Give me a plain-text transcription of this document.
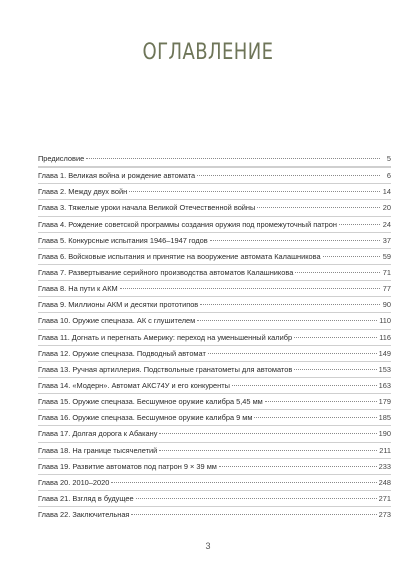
ОГЛАВЛЕНИЕ
Предисловие	5
Глава 1. Великая война и рождение автомата	6
Глава 2. Между двух войн	14
Глава 3. Тяжелые уроки начала Великой Отечественной войны	20
Глава 4. Рождение советской программы создания оружия под промежуточный патрон	24
Глава 5. Конкурсные испытания 1946–1947 годов	37
Глава 6. Войсковые испытания и принятие на вооружение автомата Калашникова	59
Глава 7. Развертывание серийного производства автоматов Калашникова	71
Глава 8. На пути к АКМ	77
Глава 9. Миллионы АКМ и десятки прототипов	90
Глава 10. Оружие спецназа. АК с глушителем	110
Глава 11. Догнать и перегнать Америку: переход на уменьшенный калибр	116
Глава 12. Оружие спецназа. Подводный автомат	149
Глава 13. Ручная артиллерия. Подствольные гранатометы для автоматов	153
Глава 14. «Модерн». Автомат АКС74У и его конкуренты	163
Глава 15. Оружие спецназа. Бесшумное оружие калибра 5,45 мм	179
Глава 16. Оружие спецназа. Бесшумное оружие калибра 9 мм	185
Глава 17. Долгая дорога к Абакану	190
Глава 18. На границе тысячелетий	211
Глава 19. Развитие автоматов под патрон 9 × 39 мм	233
Глава 20. 2010–2020	248
Глава 21. Взгляд в будущее	271
Глава 22. Заключительная	273
3
